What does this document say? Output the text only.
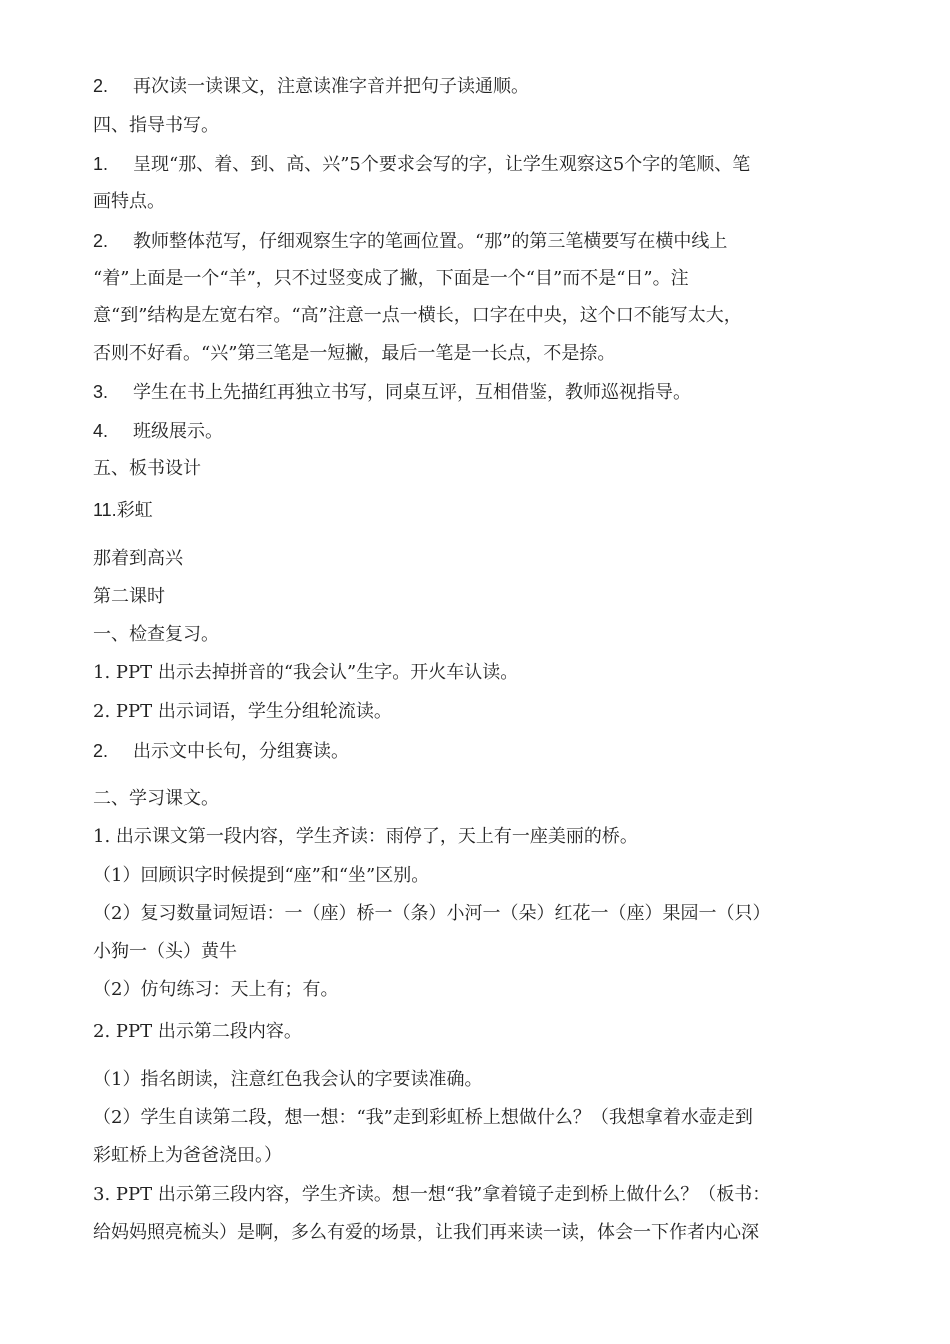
2. 再次读一读课文，注意读准字音并把句子读通顺。
四、指导书写。
1. 呈现“那、着、到、高、兴”5个要求会写的字，让学生观察这5个字的笔顺、笔
画特点。
2. 教师整体范写，仔细观察生字的笔画位置。“那”的第三笔横要写在横中线上
“着”上面是一个“羊”，只不过竖变成了撇，下面是一个“目”而不是“日”。注
意“到”结构是左宽右窄。“高”注意一点一横长，口字在中央，这个口不能写太大，
否则不好看。“兴”第三笔是一短撇，最后一笔是一长点，不是捺。
3. 学生在书上先描红再独立书写，同桌互评，互相借鉴，教师巡视指导。
4. 班级展示。
五、板书设计
11.彩虹
那着到高兴
第二课时
一、检查复习。
1. PPT 出示去掉拼音的“我会认”生字。开火车认读。
2. PPT 出示词语，学生分组轮流读。
2. 出示文中长句，分组赛读。
二、学习课文。
1. 出示课文第一段内容，学生齐读：雨停了，天上有一座美丽的桥。
（1）回顾识字时候提到“座”和“坐”区别。
（2）复习数量词短语：一（座）桥一（条）小河一（朵）红花一（座）果园一（只）
小狗一（头）黄牛
（2）仿句练习：天上有；有。
2. PPT 出示第二段内容。
（1）指名朗读，注意红色我会认的字要读准确。
（2）学生自读第二段，想一想：“我”走到彩虹桥上想做什么？（我想拿着水壶走到
彩虹桥上为爸爸浇田。）
3. PPT 出示第三段内容，学生齐读。想一想“我”拿着镜子走到桥上做什么？（板书：
给妈妈照亮梳头）是啊，多么有爱的场景，让我们再来读一读，体会一下作者内心深
